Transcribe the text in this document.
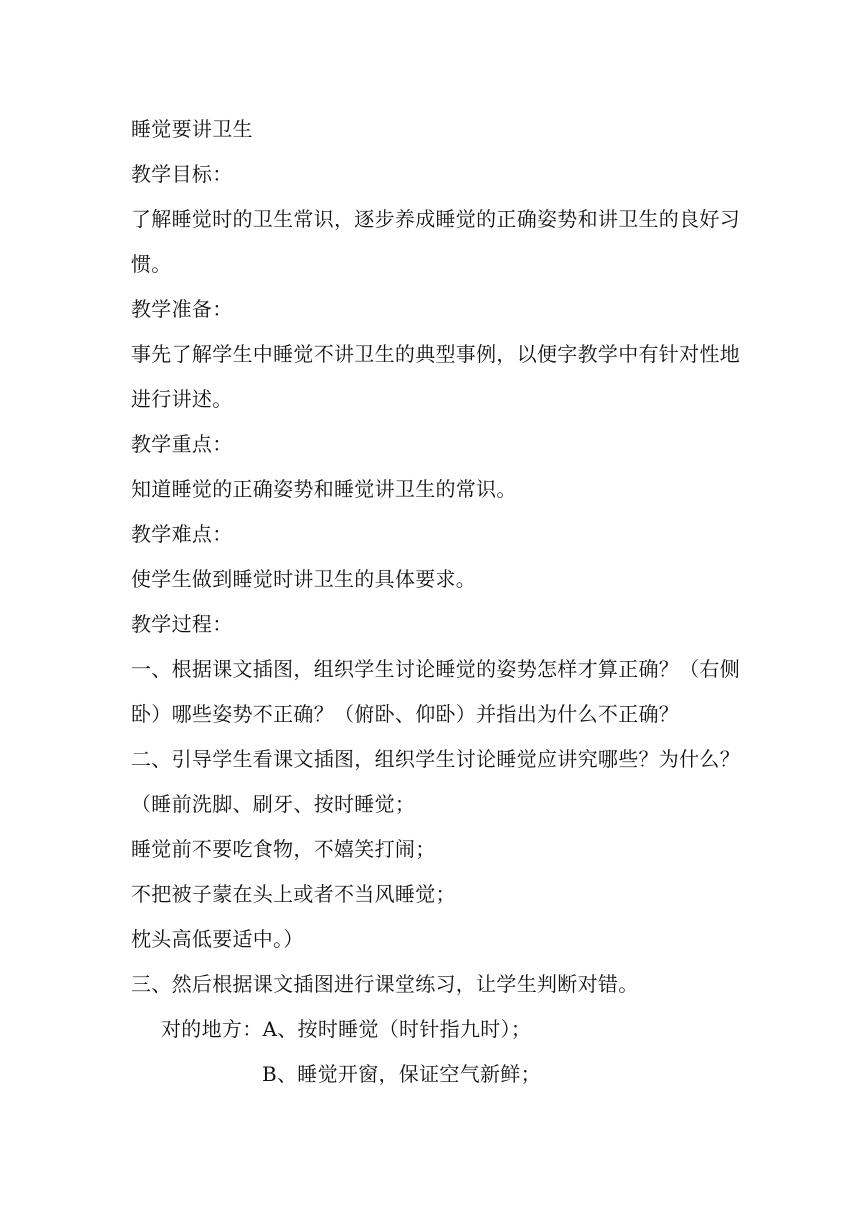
睡觉要讲卫生
教学目标：
了解睡觉时的卫生常识，逐步养成睡觉的正确姿势和讲卫生的良好习
惯。
教学准备：
事先了解学生中睡觉不讲卫生的典型事例，以便字教学中有针对性地
进行讲述。
教学重点：
知道睡觉的正确姿势和睡觉讲卫生的常识。
教学难点：
使学生做到睡觉时讲卫生的具体要求。
教学过程：
一、根据课文插图，组织学生讨论睡觉的姿势怎样才算正确？（右侧
卧）哪些姿势不正确？（俯卧、仰卧）并指出为什么不正确？
二、引导学生看课文插图，组织学生讨论睡觉应讲究哪些？为什么？
（睡前洗脚、刷牙、按时睡觉；
睡觉前不要吃食物，不嬉笑打闹；
不把被子蒙在头上或者不当风睡觉；
枕头高低要适中。）
三、然后根据课文插图进行课堂练习，让学生判断对错。
对的地方：A、按时睡觉（时针指九时）；
B、睡觉开窗，保证空气新鲜；
